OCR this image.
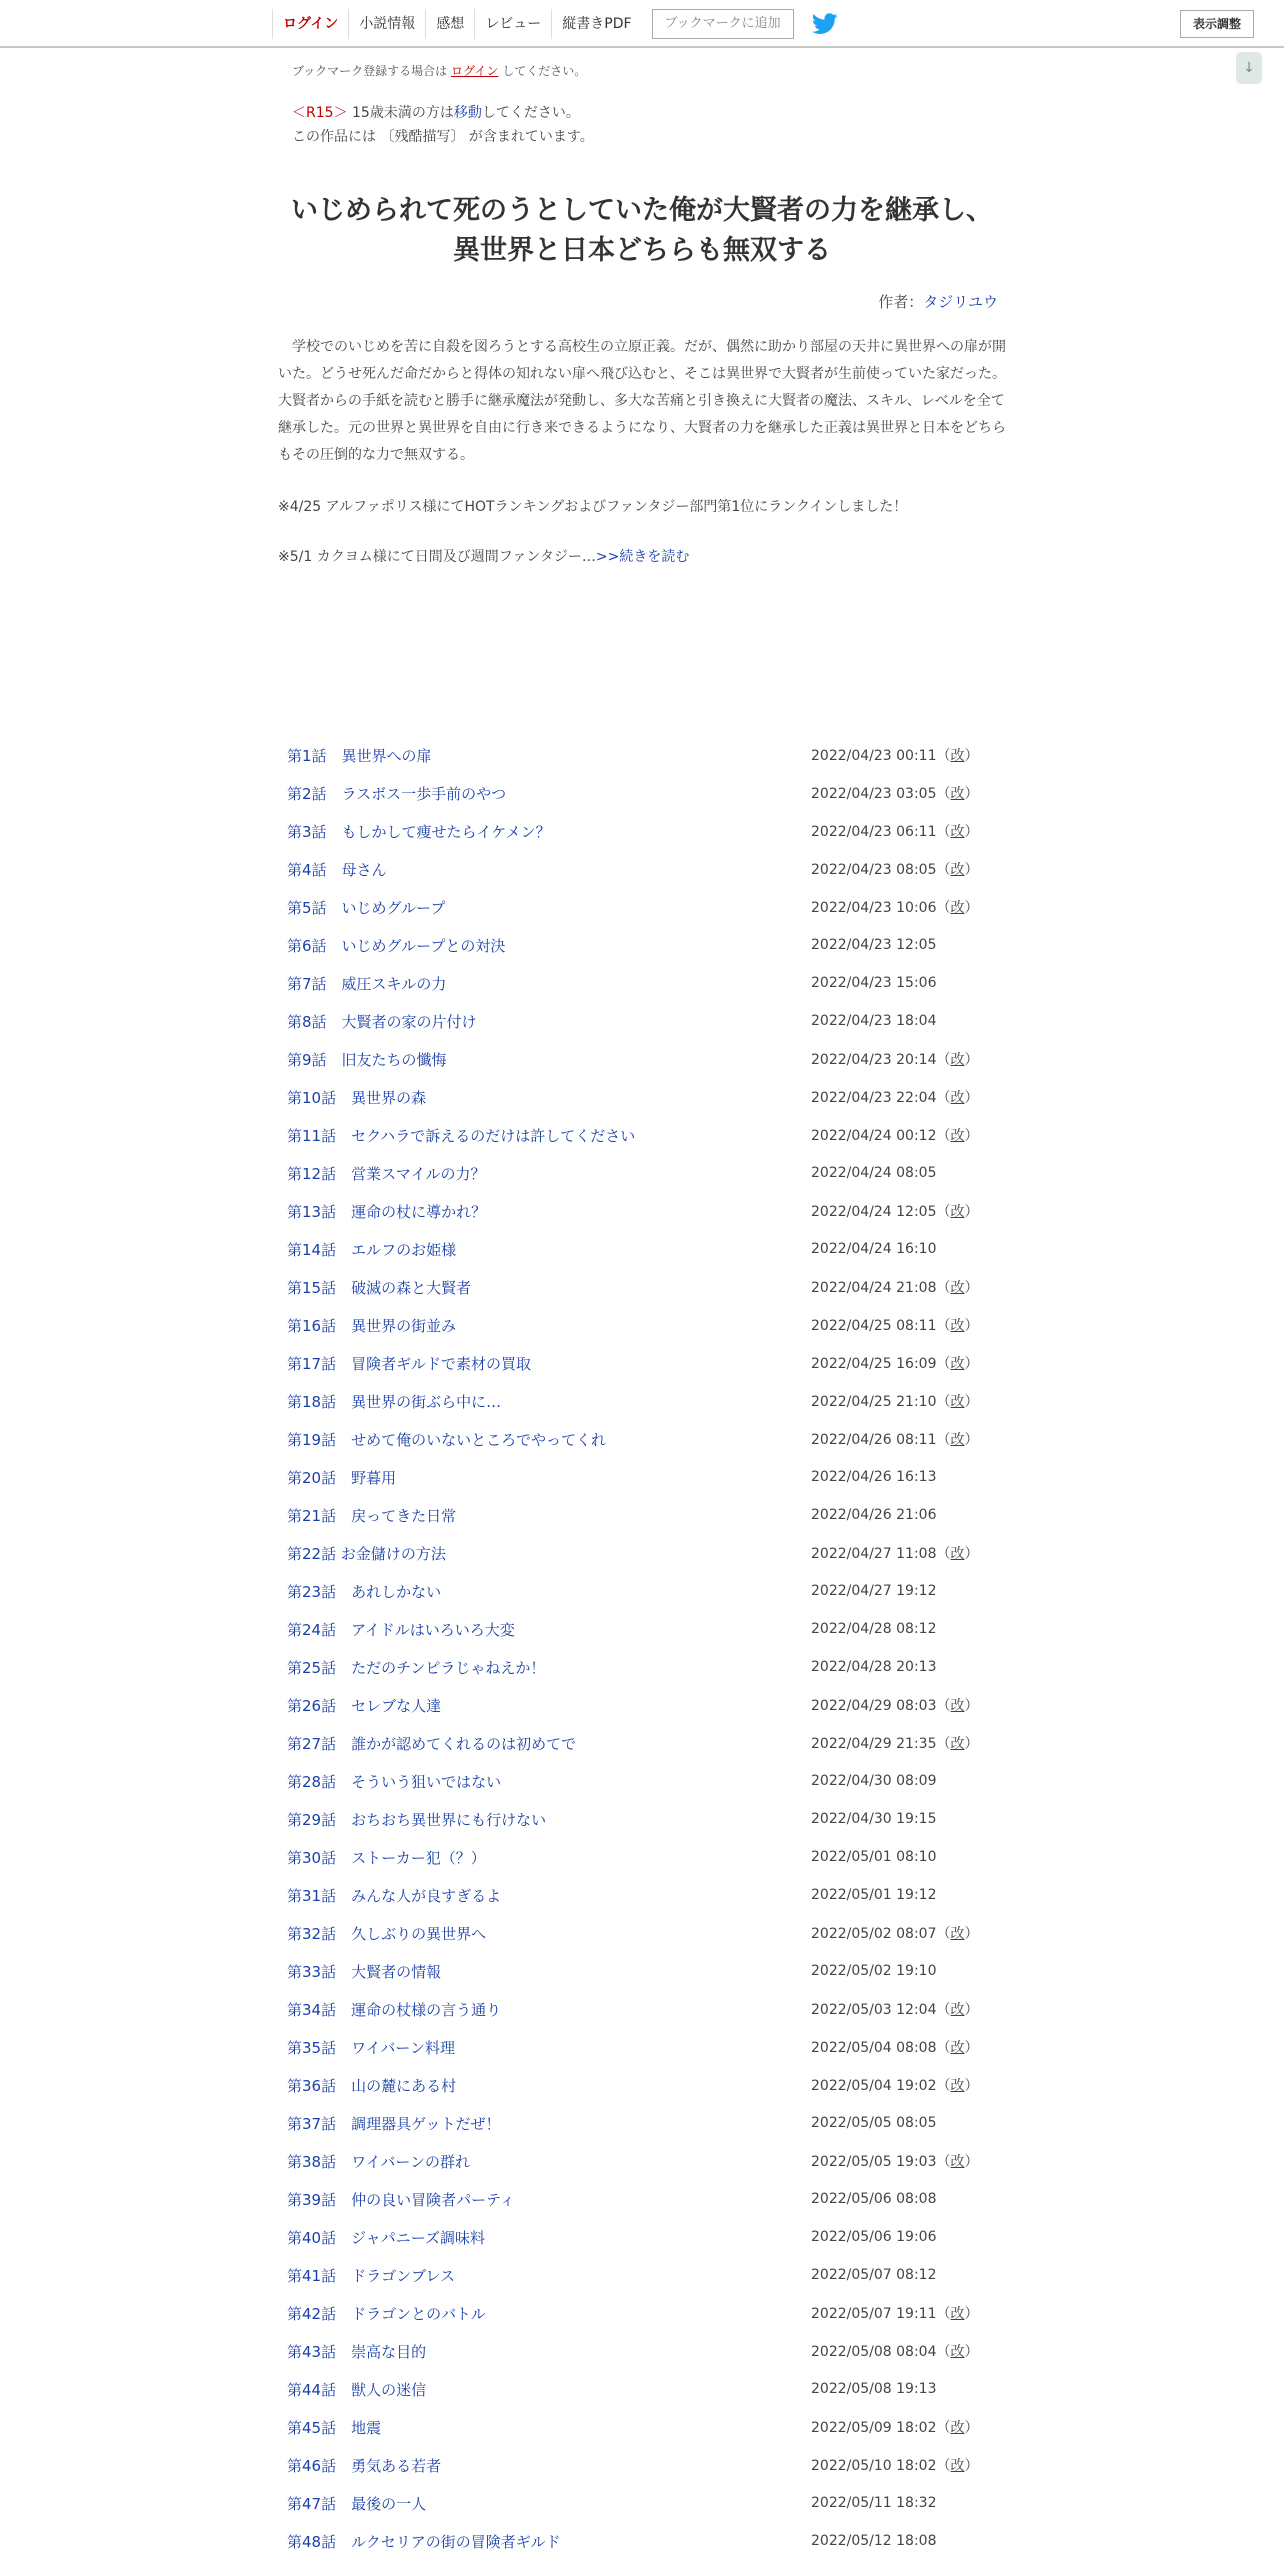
ログイン	小説情報	感想	レビュー	縦書きPDF	ブックマークに追加	表示調整
↓
ブックマーク登録する場合は ログイン してください。
＜R15＞ 15歳未満の方は移動してください。
この作品には 〔残酷描写〕 が含まれています。
いじめられて死のうとしていた俺が大賢者の力を継承し、
異世界と日本どちらも無双する
作者：タジリユウ
　学校でのいじめを苦に自殺を図ろうとする高校生の立原正義。だが、偶然に助かり部屋の天井に異世界への扉が開いた。どうせ死んだ命だからと得体の知れない扉へ飛び込むと、そこは異世界で大賢者が生前使っていた家だった。大賢者からの手紙を読むと勝手に継承魔法が発動し、多大な苦痛と引き換えに大賢者の魔法、スキル、レベルを全て継承した。元の世界と異世界を自由に行き来できるようになり、大賢者の力を継承した正義は異世界と日本をどちらもその圧倒的な力で無双する。
※4/25 アルファポリス様にてHOTランキングおよびファンタジー部門第1位にランクインしました！
※5/1 カクヨム様にて日間及び週間ファンタジー…>>続きを読む
第1話　異世界への扉	2022/04/23 00:11（改）
第2話　ラスボス一歩手前のやつ	2022/04/23 03:05（改）
第3話　もしかして痩せたらイケメン？	2022/04/23 06:11（改）
第4話　母さん	2022/04/23 08:05（改）
第5話　いじめグループ	2022/04/23 10:06（改）
第6話　いじめグループとの対決	2022/04/23 12:05
第7話　威圧スキルの力	2022/04/23 15:06
第8話　大賢者の家の片付け	2022/04/23 18:04
第9話　旧友たちの懺悔	2022/04/23 20:14（改）
第10話　異世界の森	2022/04/23 22:04（改）
第11話　セクハラで訴えるのだけは許してください	2022/04/24 00:12（改）
第12話　営業スマイルの力？	2022/04/24 08:05
第13話　運命の杖に導かれ？	2022/04/24 12:05（改）
第14話　エルフのお姫様	2022/04/24 16:10
第15話　破滅の森と大賢者	2022/04/24 21:08（改）
第16話　異世界の街並み	2022/04/25 08:11（改）
第17話　冒険者ギルドで素材の買取	2022/04/25 16:09（改）
第18話　異世界の街ぶら中に…	2022/04/25 21:10（改）
第19話　せめて俺のいないところでやってくれ	2022/04/26 08:11（改）
第20話　野暮用	2022/04/26 16:13
第21話　戻ってきた日常	2022/04/26 21:06
第22話 お金儲けの方法	2022/04/27 11:08（改）
第23話　あれしかない	2022/04/27 19:12
第24話　アイドルはいろいろ大変	2022/04/28 08:12
第25話　ただのチンピラじゃねえか！	2022/04/28 20:13
第26話　セレブな人達	2022/04/29 08:03（改）
第27話　誰かが認めてくれるのは初めてで	2022/04/29 21:35（改）
第28話　そういう狙いではない	2022/04/30 08:09
第29話　おちおち異世界にも行けない	2022/04/30 19:15
第30話　ストーカー犯（？）	2022/05/01 08:10
第31話　みんな人が良すぎるよ	2022/05/01 19:12
第32話　久しぶりの異世界へ	2022/05/02 08:07（改）
第33話　大賢者の情報	2022/05/02 19:10
第34話　運命の杖様の言う通り	2022/05/03 12:04（改）
第35話　ワイバーン料理	2022/05/04 08:08（改）
第36話　山の麓にある村	2022/05/04 19:02（改）
第37話　調理器具ゲットだぜ！	2022/05/05 08:05
第38話　ワイバーンの群れ	2022/05/05 19:03（改）
第39話　仲の良い冒険者パーティ	2022/05/06 08:08
第40話　ジャパニーズ調味料	2022/05/06 19:06
第41話　ドラゴンブレス	2022/05/07 08:12
第42話　ドラゴンとのバトル	2022/05/07 19:11（改）
第43話　崇高な目的	2022/05/08 08:04（改）
第44話　獣人の迷信	2022/05/08 19:13
第45話　地震	2022/05/09 18:02（改）
第46話　勇気ある若者	2022/05/10 18:02（改）
第47話　最後の一人	2022/05/11 18:32
第48話　ルクセリアの街の冒険者ギルド	2022/05/12 18:08
